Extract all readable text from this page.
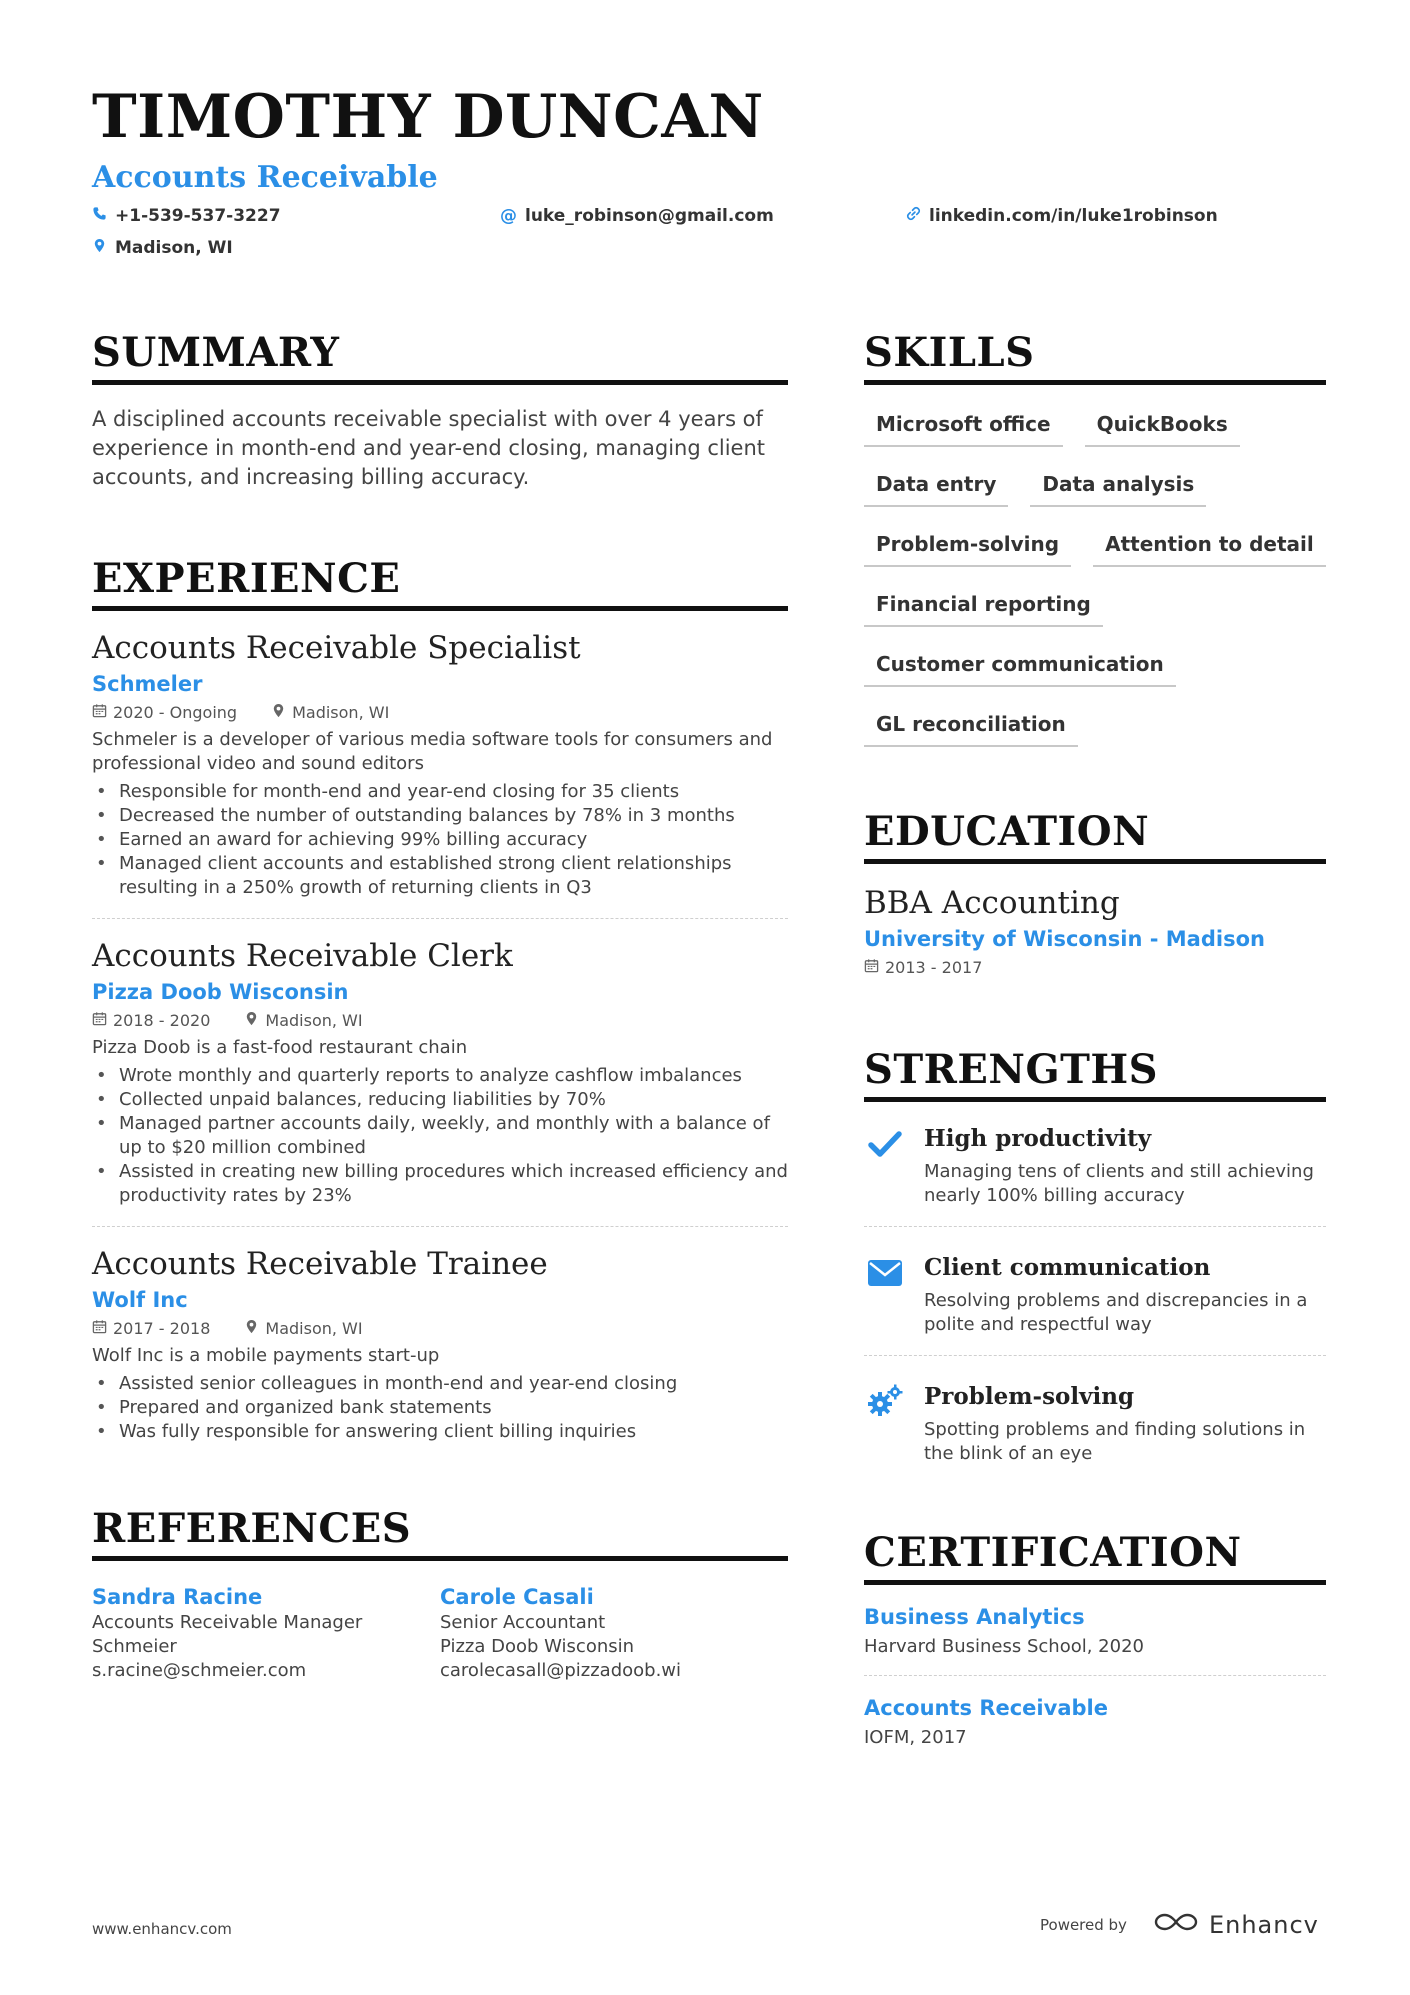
TIMOTHY DUNCAN
Accounts Receivable
+1-539-537-3227	@ luke_robinson@gmail.com	linkedin.com/in/luke1robinson
Madison, WI
SUMMARY

A disciplined accounts receivable specialist with over 4 years of experience in month-end and year-end closing, managing client accounts, and increasing billing accuracy.

EXPERIENCE
Accounts Receivable Specialist
Schmeler
2020 - Ongoing	Madison, WI
Schmeler is a developer of various media software tools for consumers and professional video and sound editors
• Responsible for month-end and year-end closing for 35 clients
• Decreased the number of outstanding balances by 78% in 3 months
• Earned an award for achieving 99% billing accuracy
• Managed client accounts and established strong client relationships resulting in a 250% growth of returning clients in Q3
Accounts Receivable Clerk
Pizza Doob Wisconsin
2018 - 2020	Madison, WI
Pizza Doob is a fast-food restaurant chain
• Wrote monthly and quarterly reports to analyze cashflow imbalances
• Collected unpaid balances, reducing liabilities by 70%
• Managed partner accounts daily, weekly, and monthly with a balance of up to $20 million combined
• Assisted in creating new billing procedures which increased efficiency and productivity rates by 23%
Accounts Receivable Trainee
Wolf Inc
2017 - 2018	Madison, WI
Wolf Inc is a mobile payments start-up
• Assisted senior colleagues in month-end and year-end closing
• Prepared and organized bank statements
• Was fully responsible for answering client billing inquiries
REFERENCES
Sandra Racine
Accounts Receivable Manager
Schmeier
s.racine@schmeier.com
Carole Casali
Senior Accountant
Pizza Doob Wisconsin
carolecasall@pizzadoob.wi
SKILLS
Microsoft office	QuickBooks
Data entry	Data analysis
Problem-solving	Attention to detail
Financial reporting
Customer communication
GL reconciliation
EDUCATION
BBA Accounting
University of Wisconsin - Madison
2013 - 2017
STRENGTHS
High productivity
Managing tens of clients and still achieving nearly 100% billing accuracy
Client communication
Resolving problems and discrepancies in a polite and respectful way
Problem-solving
Spotting problems and finding solutions in the blink of an eye
CERTIFICATION
Business Analytics
Harvard Business School, 2020
Accounts Receivable
IOFM, 2017
www.enhancv.com	Powered by	Enhancv
